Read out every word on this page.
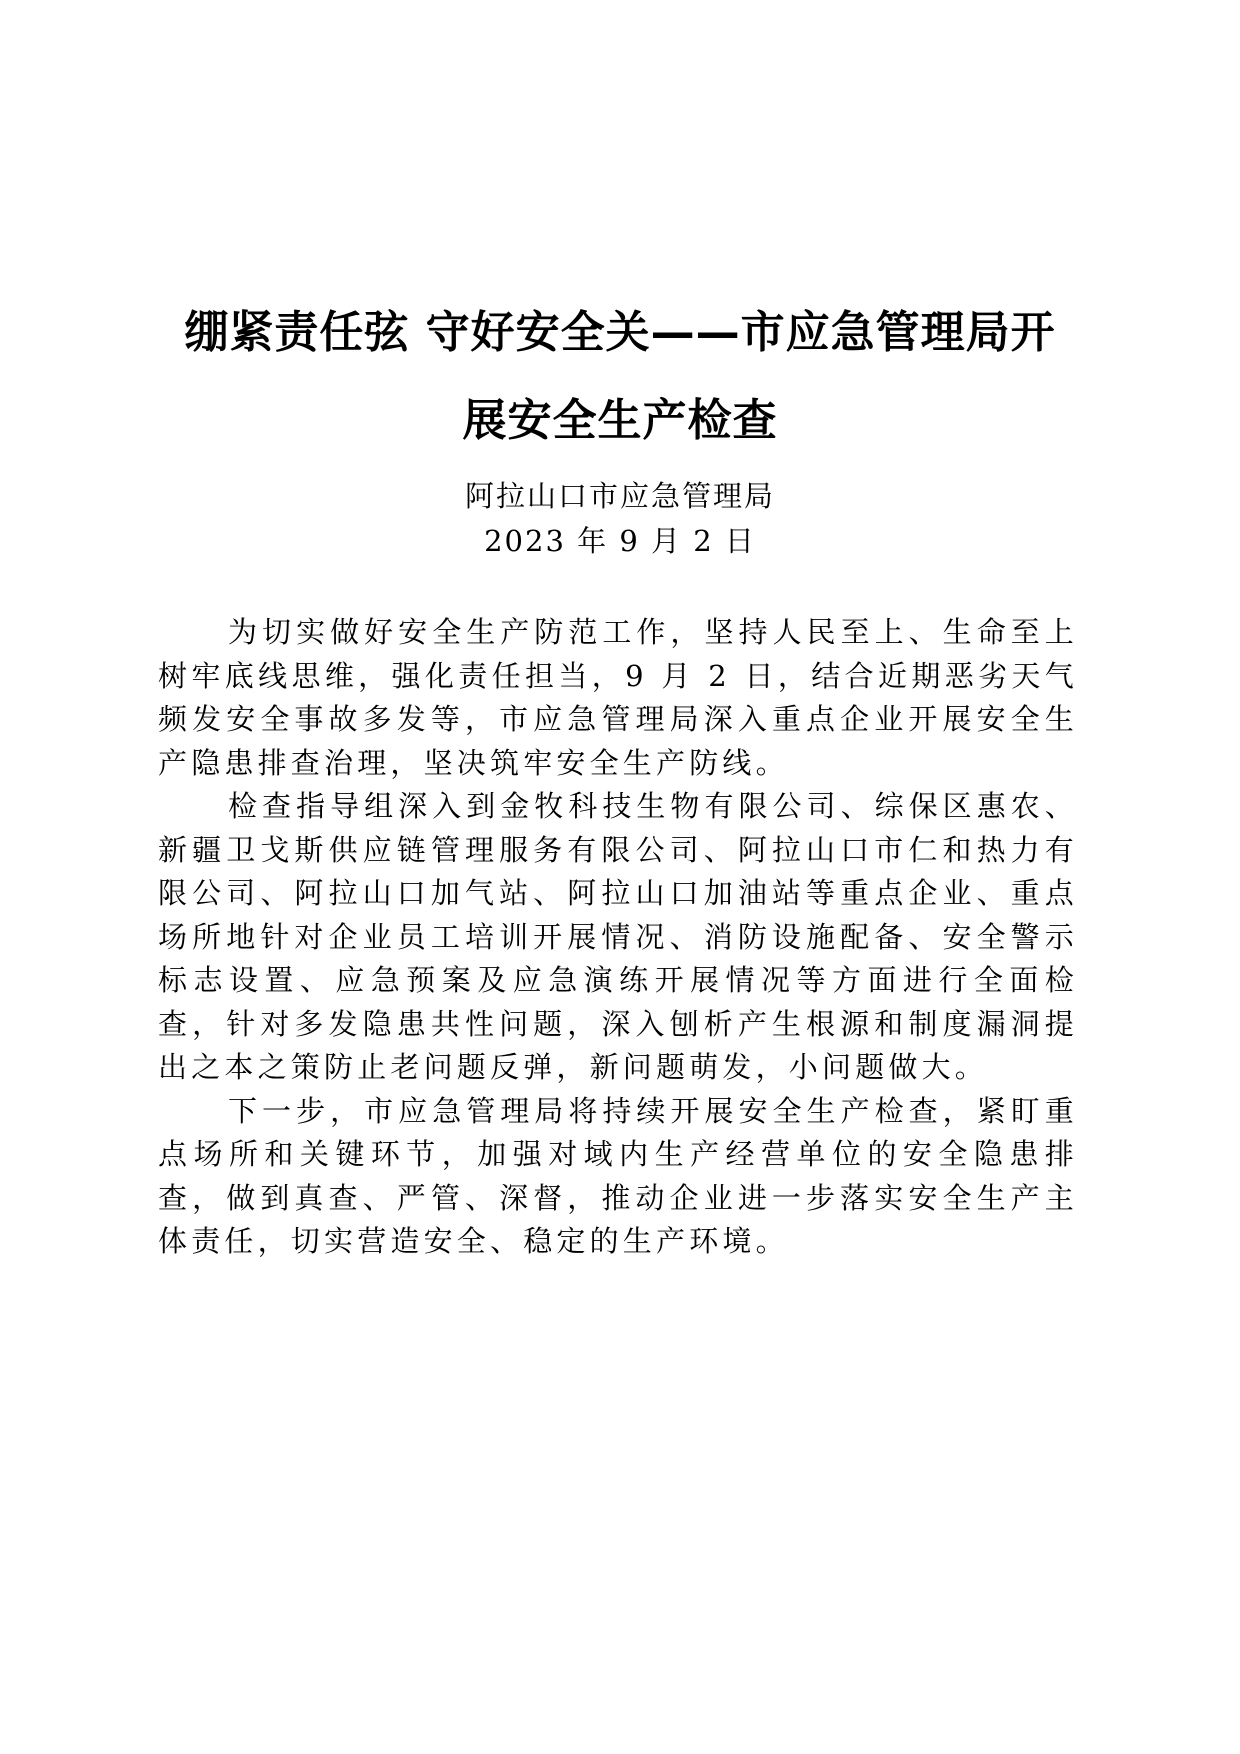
绷紧责任弦 守好安全关——市应急管理局开
展安全生产检查
阿拉山口市应急管理局
2023 年 9 月 2 日

为切实做好安全生产防范工作，坚持人民至上、生命至上树牢底线思维，强化责任担当，9 月 2 日，结合近期恶劣天气频发安全事故多发等，市应急管理局深入重点企业开展安全生产隐患排查治理，坚决筑牢安全生产防线。

检查指导组深入到金牧科技生物有限公司、综保区惠农、新疆卫戈斯供应链管理服务有限公司、阿拉山口市仁和热力有限公司、阿拉山口加气站、阿拉山口加油站等重点企业、重点场所地针对企业员工培训开展情况、消防设施配备、安全警示标志设置、应急预案及应急演练开展情况等方面进行全面检查，针对多发隐患共性问题，深入刨析产生根源和制度漏洞提出之本之策防止老问题反弹，新问题萌发，小问题做大。

下一步，市应急管理局将持续开展安全生产检查，紧盯重点场所和关键环节，加强对域内生产经营单位的安全隐患排查，做到真查、严管、深督，推动企业进一步落实安全生产主体责任，切实营造安全、稳定的生产环境。
